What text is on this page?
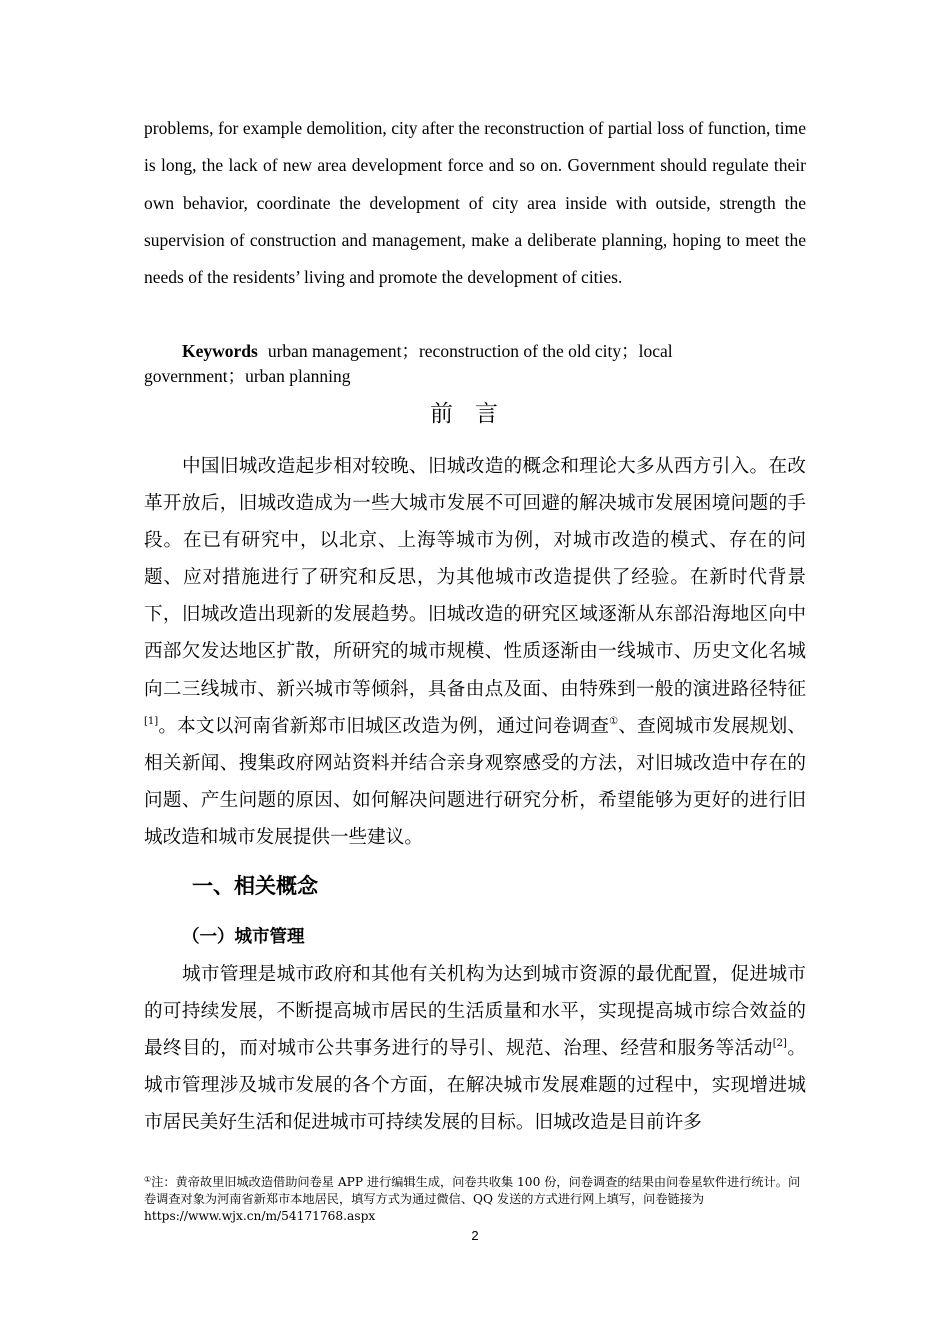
problems, for example demolition, city after the reconstruction of partial loss of function, time is long, the lack of new area development force and so on. Government should regulate their own behavior, coordinate the development of city area inside with outside, strength the supervision of construction and management, make a deliberate planning, hoping to meet the needs of the residents’ living and promote the development of cities.

Keywords urban management；reconstruction of the old city；local government；urban planning
前言

中国旧城改造起步相对较晚、旧城改造的概念和理论大多从西方引入。在改革开放后，旧城改造成为一些大城市发展不可回避的解决城市发展困境问题的手段。在已有研究中，以北京、上海等城市为例，对城市改造的模式、存在的问题、应对措施进行了研究和反思，为其他城市改造提供了经验。在新时代背景下，旧城改造出现新的发展趋势。旧城改造的研究区域逐渐从东部沿海地区向中西部欠发达地区扩散，所研究的城市规模、性质逐渐由一线城市、历史文化名城向二三线城市、新兴城市等倾斜，具备由点及面、由特殊到一般的演进路径特征[1]。本文以河南省新郑市旧城区改造为例，通过问卷调查①、查阅城市发展规划、相关新闻、搜集政府网站资料并结合亲身观察感受的方法，对旧城改造中存在的问题、产生问题的原因、如何解决问题进行研究分析，希望能够为更好的进行旧城改造和城市发展提供一些建议。

一、相关概念
（一）城市管理

城市管理是城市政府和其他有关机构为达到城市资源的最优配置，促进城市的可持续发展，不断提高城市居民的生活质量和水平，实现提高城市综合效益的最终目的，而对城市公共事务进行的导引、规范、治理、经营和服务等活动[2]。城市管理涉及城市发展的各个方面，在解决城市发展难题的过程中，实现增进城市居民美好生活和促进城市可持续发展的目标。旧城改造是目前许多

①注：黄帝故里旧城改造借助问卷星 APP 进行编辑生成，问卷共收集 100 份，问卷调查的结果由问卷星软件进行统计。问卷调查对象为河南省新郑市本地居民，填写方式为通过微信、QQ 发送的方式进行网上填写，问卷链接为 https://www.wjx.cn/m/54171768.aspx
2
